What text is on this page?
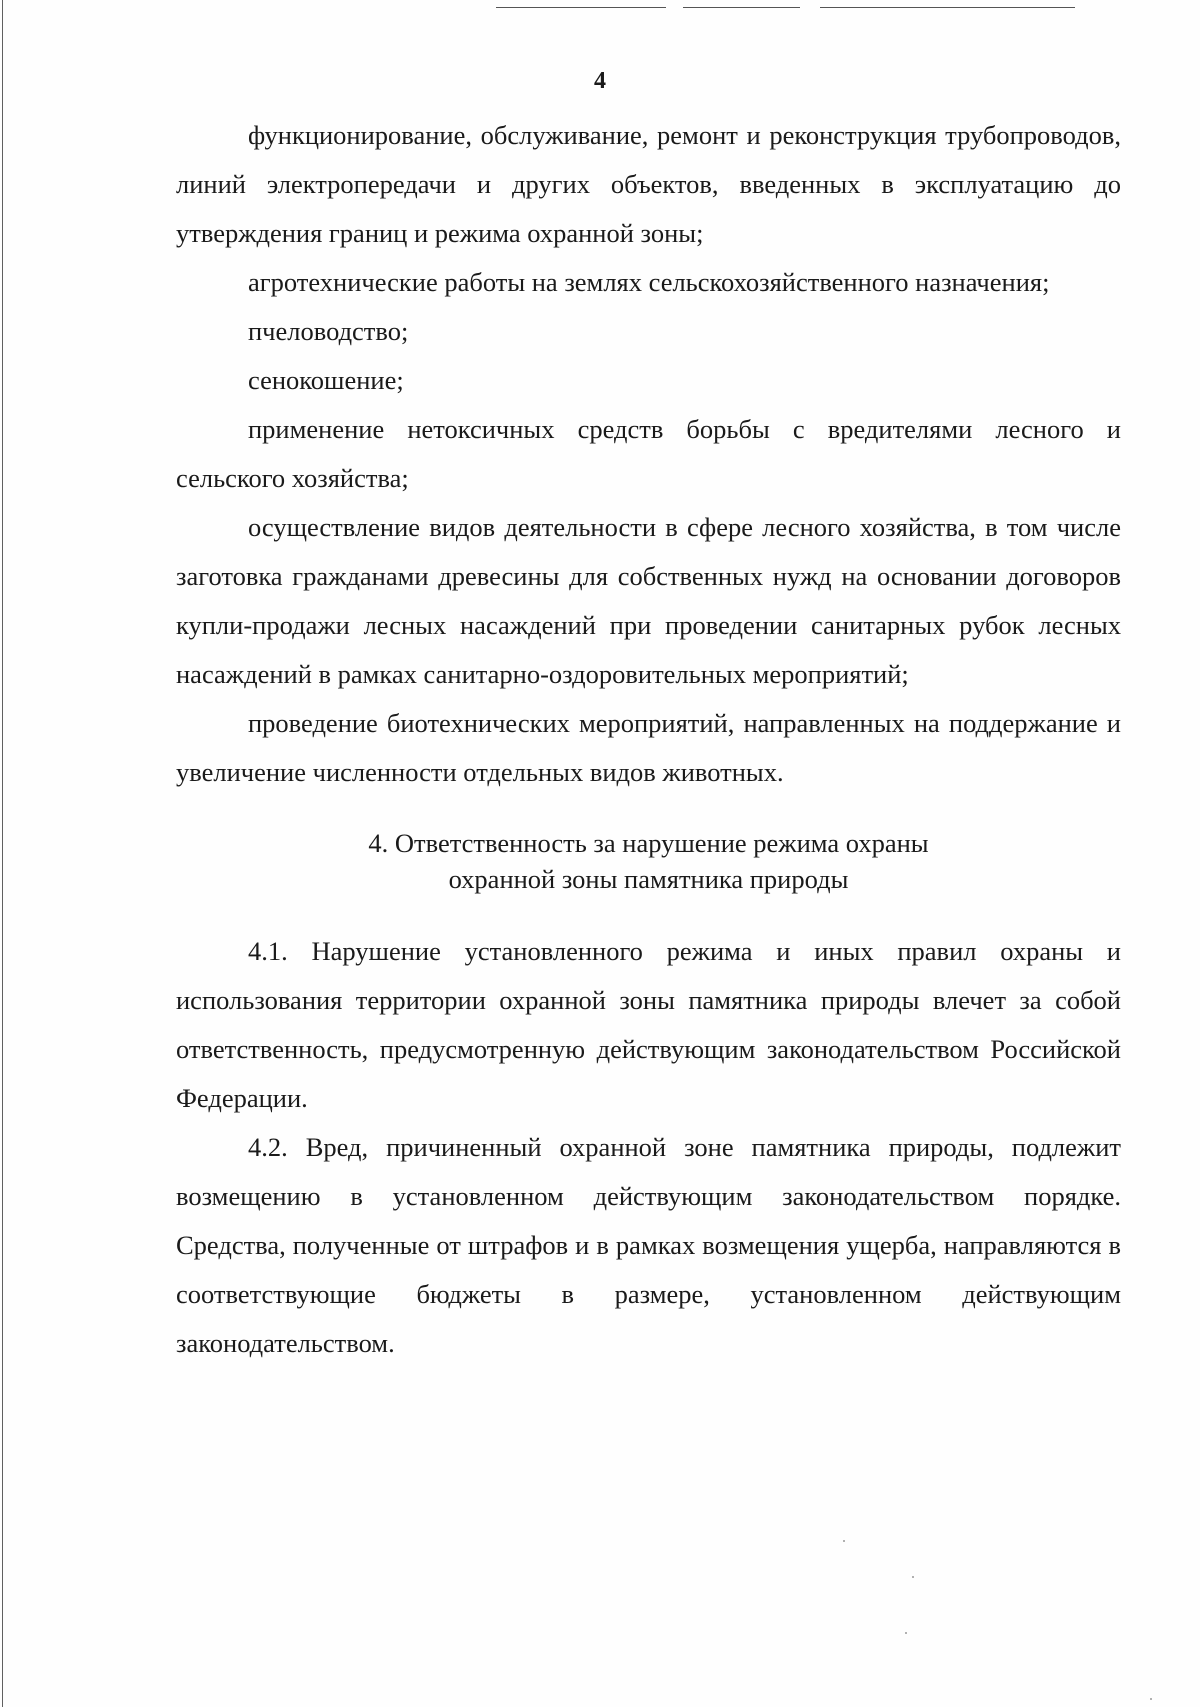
4

функционирование, обслуживание, ремонт и реконструкция трубопроводов, линий электропередачи и других объектов, введенных в эксплуатацию до утверждения границ и режима охранной зоны;

агротехнические работы на землях сельскохозяйственного назначения;

пчеловодство;

сенокошение;

применение нетоксичных средств борьбы с вредителями лесного и сельского хозяйства;

осуществление видов деятельности в сфере лесного хозяйства, в том числе заготовка гражданами древесины для собственных нужд на основании договоров купли-продажи лесных насаждений при проведении санитарных рубок лесных насаждений в рамках санитарно-оздоровительных мероприятий;

проведение биотехнических мероприятий, направленных на поддержание и увеличение численности отдельных видов животных.

4. Ответственность за нарушение режима охраны
охранной зоны памятника природы

4.1. Нарушение установленного режима и иных правил охраны и использования территории охранной зоны памятника природы влечет за собой ответственность, предусмотренную действующим законодательством Российской Федерации.

4.2. Вред, причиненный охранной зоне памятника природы, подлежит возмещению в установленном действующим законодательством порядке. Средства, полученные от штрафов и в рамках возмещения ущерба, направляются в соответствующие бюджеты в размере, установленном действующим законодательством.
